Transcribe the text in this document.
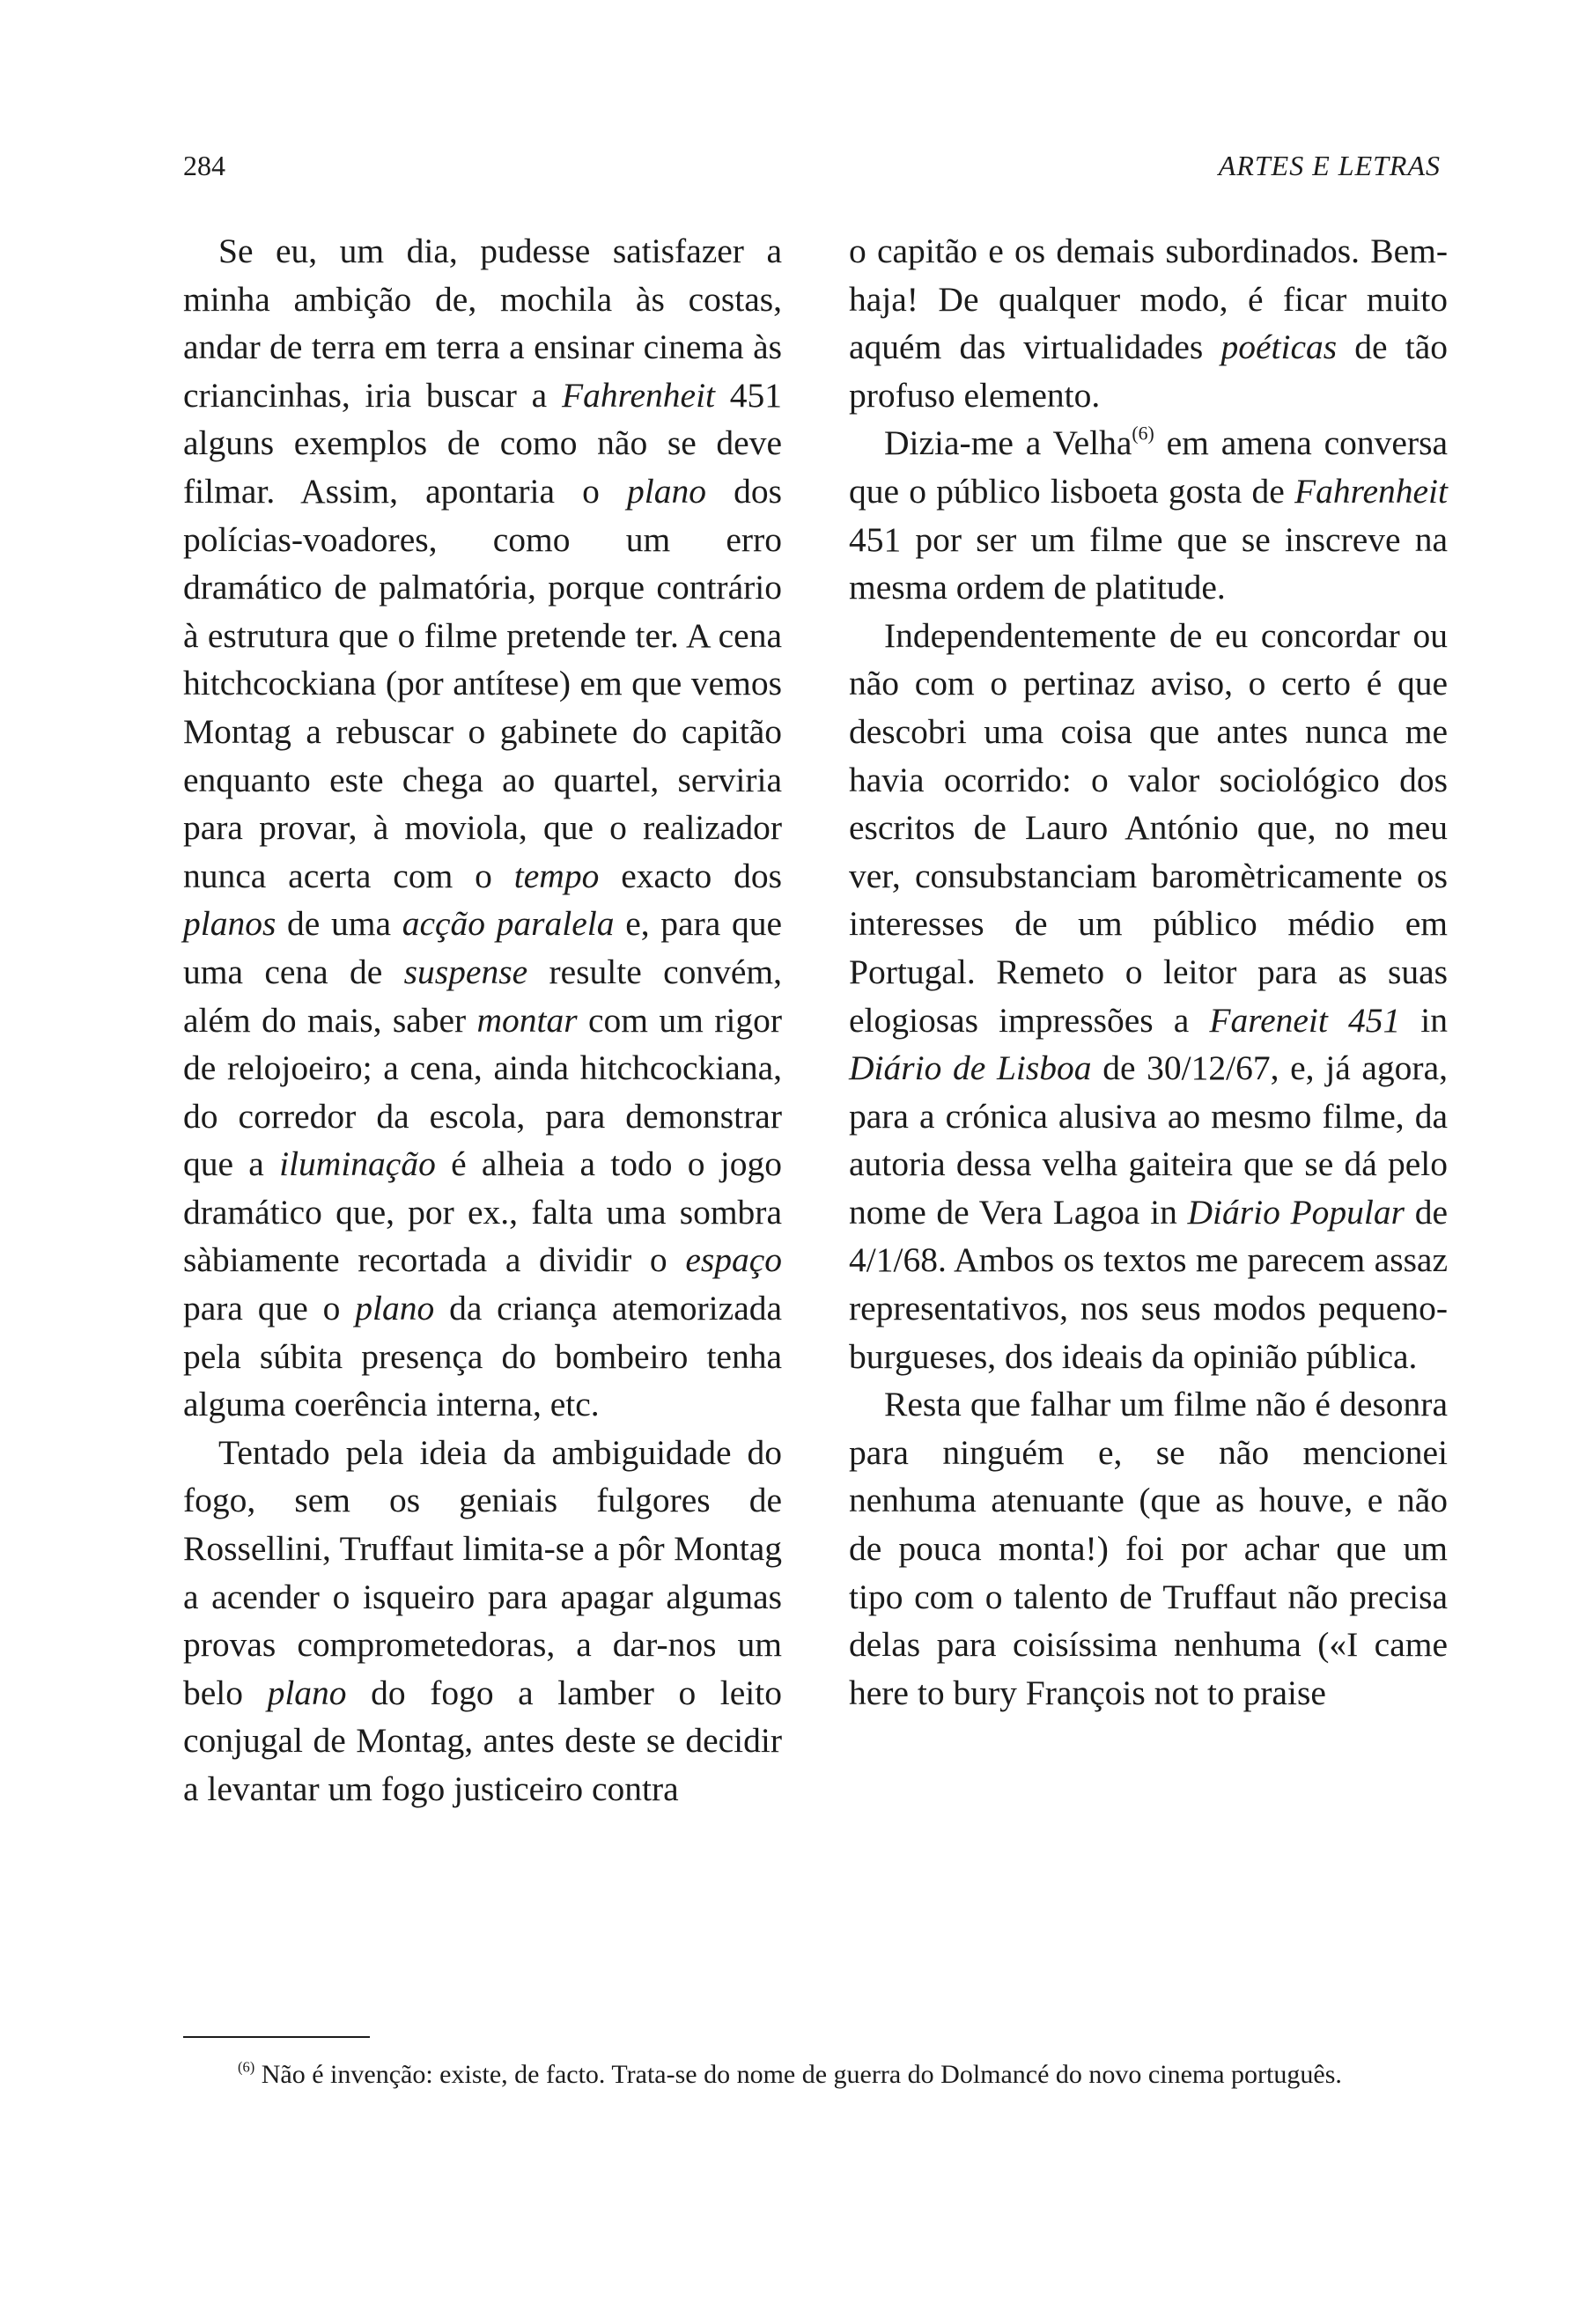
284	ARTES E LETRAS

Se eu, um dia, pudesse satisfazer a minha ambição de, mochila às costas, andar de terra em terra a ensinar cinema às criancinhas, iria buscar a Fahrenheit 451 alguns exemplos de como não se deve filmar. Assim, apontaria o plano dos polícias-voadores, como um erro dramático de palmatória, porque contrário à estrutura que o filme pretende ter. A cena hitchcockiana (por antítese) em que vemos Montag a rebuscar o gabinete do capitão enquanto este chega ao quartel, serviria para provar, à moviola, que o realizador nunca acerta com o tempo exacto dos planos de uma acção paralela e, para que uma cena de suspense resulte convém, além do mais, saber montar com um rigor de relojoeiro; a cena, ainda hitchcockiana, do corredor da escola, para demonstrar que a iluminação é alheia a todo o jogo dramático que, por ex., falta uma sombra sàbiamente recortada a dividir o espaço para que o plano da criança atemorizada pela súbita presença do bombeiro tenha alguma coerência interna, etc.

Tentado pela ideia da ambiguidade do fogo, sem os geniais fulgores de Rossellini, Truffaut limita-se a pôr Montag a acender o isqueiro para apagar algumas provas comprometedoras, a dar-nos um belo plano do fogo a lamber o leito conjugal de Montag, antes deste se decidir a levantar um fogo justiceiro contra

o capitão e os demais subordinados. Bem-haja! De qualquer modo, é ficar muito aquém das virtualidades poéticas de tão profuso elemento.

Dizia-me a Velha$^{(6)}$ em amena conversa que o público lisboeta gosta de Fahrenheit 451 por ser um filme que se inscreve na mesma ordem de platitude.

Independentemente de eu concordar ou não com o pertinaz aviso, o certo é que descobri uma coisa que antes nunca me havia ocorrido: o valor sociológico dos escritos de Lauro António que, no meu ver, consubstanciam baromètricamente os interesses de um público médio em Portugal. Remeto o leitor para as suas elogiosas impressões a Fareneit 451 in Diário de Lisboa de 30/12/67, e, já agora, para a crónica alusiva ao mesmo filme, da autoria dessa velha gaiteira que se dá pelo nome de Vera Lagoa in Diário Popular de 4/1/68. Ambos os textos me parecem assaz representativos, nos seus modos pequeno-burgueses, dos ideais da opinião pública.

Resta que falhar um filme não é desonra para ninguém e, se não mencionei nenhuma atenuante (que as houve, e não de pouca monta!) foi por achar que um tipo com o talento de Truffaut não precisa delas para coisíssima nenhuma («I came here to bury François not to praise

$^{(6)}$ Não é invenção: existe, de facto. Trata-se do nome de guerra do Dolmancé do novo cinema português.
